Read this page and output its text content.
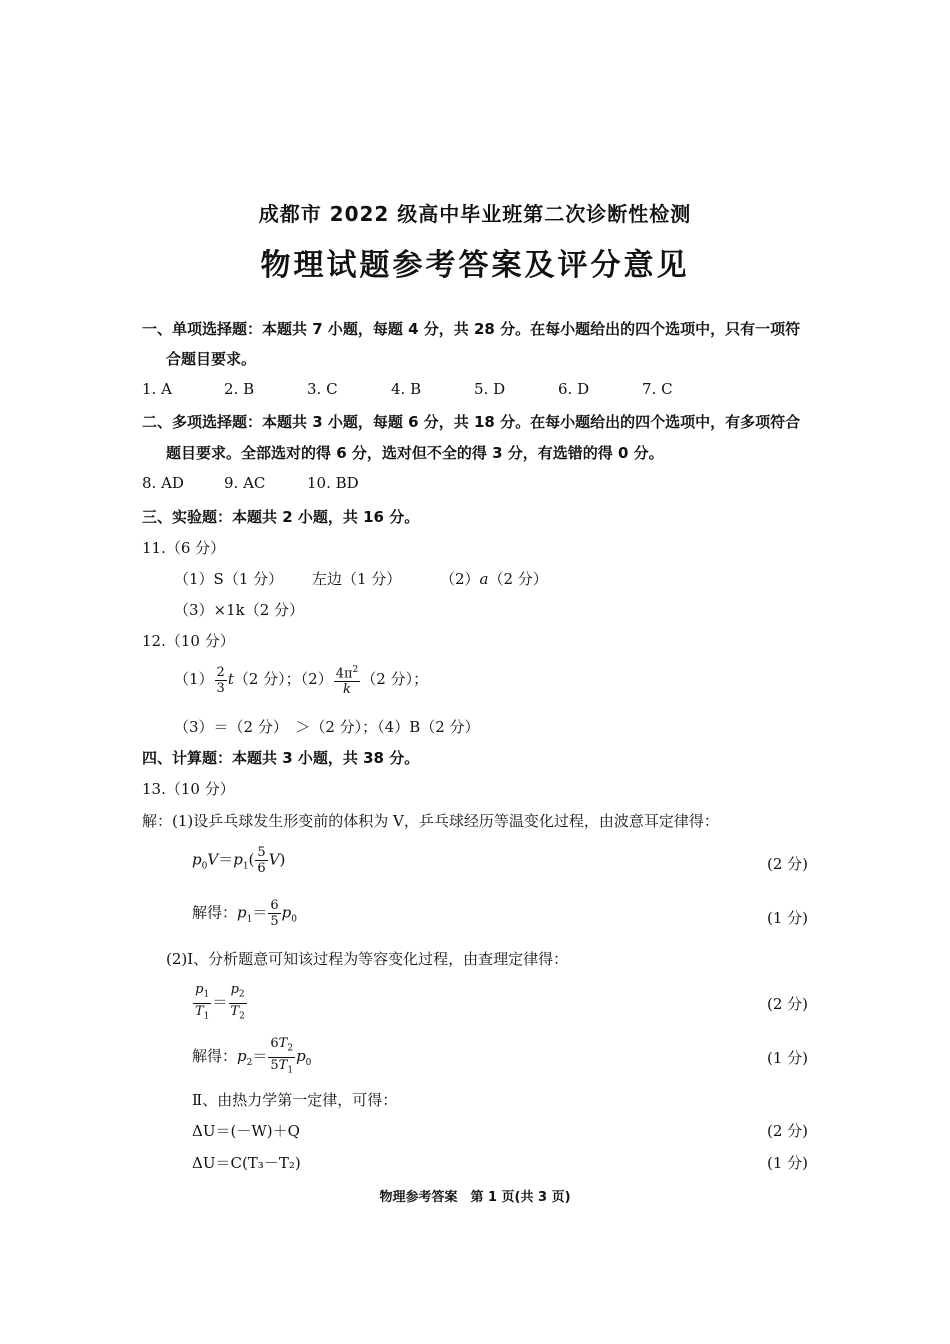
成都市 2022 级高中毕业班第二次诊断性检测
物理试题参考答案及评分意见
一、单项选择题：本题共 7 小题，每题 4 分，共 28 分。在每小题给出的四个选项中，只有一项符
合题目要求。
1. A	2. B	3. C	4. B	5. D	6. D	7. C
二、多项选择题：本题共 3 小题，每题 6 分，共 18 分。在每小题给出的四个选项中，有多项符合
题目要求。全部选对的得 6 分，选对但不全的得 3 分，有选错的得 0 分。
8. AD	9. AC	10. BD
三、实验题：本题共 2 小题，共 16 分。
11.（6 分）
（1）S（1 分） 左边（1 分）	（2）a（2 分）
（3）×1k（2 分）
12.（10 分）
$(1) \frac{2}{3} t(2$ 分）；$(2) \frac{4\pi^2}{k} (2$ 分）；
（3）＝（2 分）　＞（2 分）；（4）B（2 分）
四、计算题：本题共 3 小题，共 38 分。
13.（10 分）
解：(1)设乒乓球发生形变前的体积为 V，乒乓球经历等温变化过程，由波意耳定律得：
$p_0V=p_1( \frac{5}{6} V)$	(2 分)
解得：$p_1= \frac{6}{5} p_0$	(1 分)
(2)Ⅰ、分析题意可知该过程为等容变化过程，由查理定律得：
$\frac{p_1}{T_1} = \frac{p_2}{T_2}$	(2 分)
解得：$p_2= \frac{6T_2}{5T_1} p_0$	(1 分)
Ⅱ、由热力学第一定律，可得：
ΔU＝(－W)＋Q	(2 分)
ΔU＝C(T₃－T₂)	(1 分)
物理参考答案　第 1 页(共 3 页)
